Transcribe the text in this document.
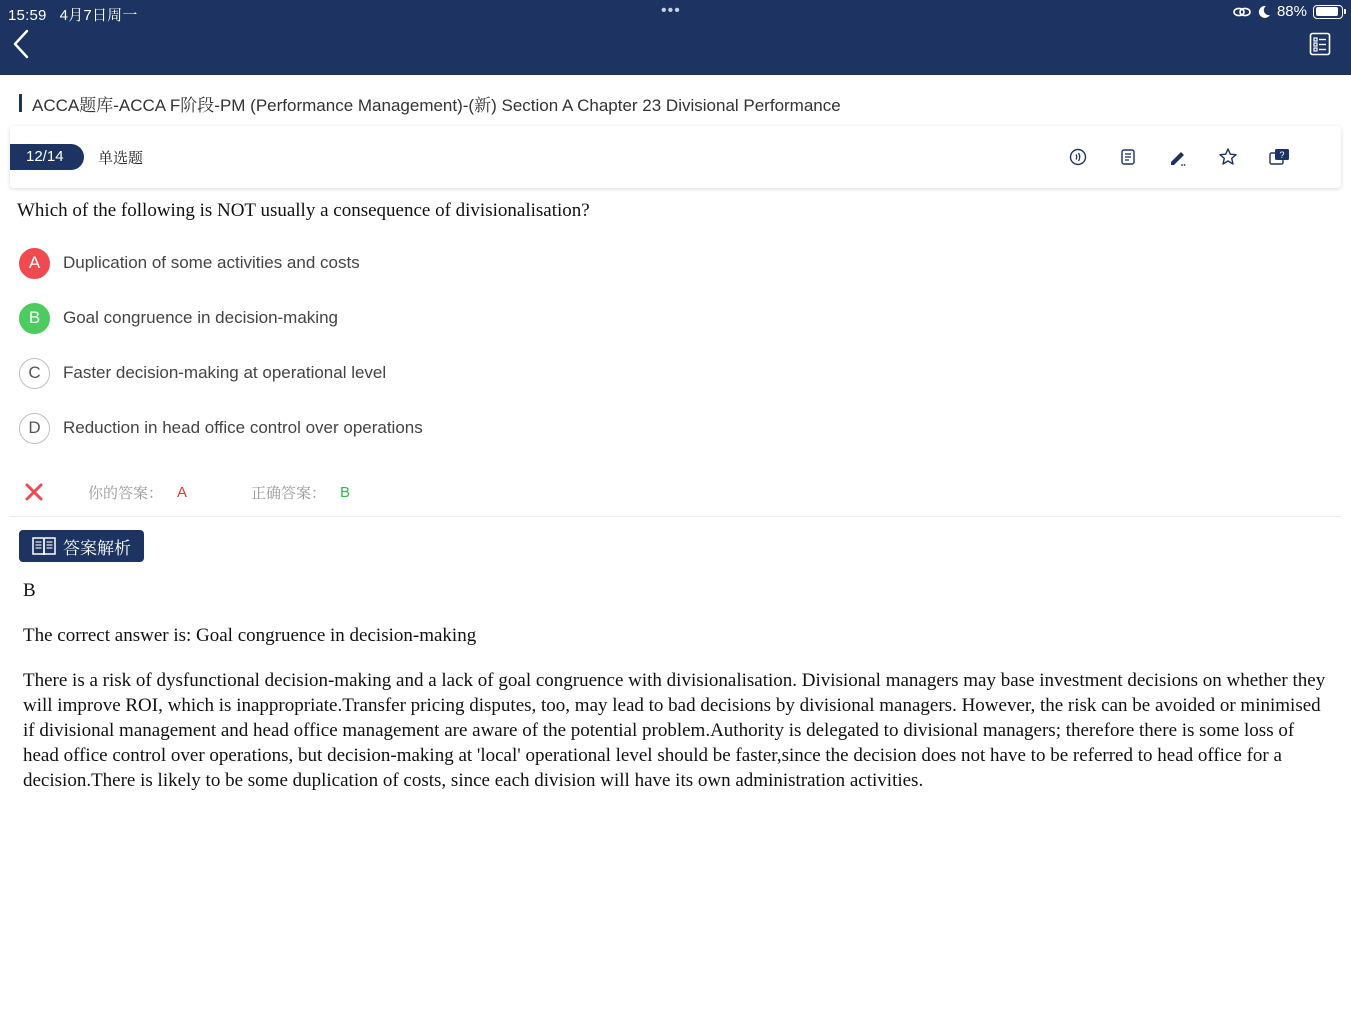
15:59 4月7日周一	•••	88%
ACCA题库-ACCA F阶段-PM (Performance Management)-(新) Section A Chapter 23 Divisional Performance
12/14	单选题	?
Which of the following is NOT usually a consequence of divisionalisation?
A	Duplication of some activities and costs
B	Goal congruence in decision-making
C	Faster decision-making at operational level
D	Reduction in head office control over operations
你的答案： A	正确答案： B
答案解析

B

The correct answer is: Goal congruence in decision-making

There is a risk of dysfunctional decision-making and a lack of goal congruence with divisionalisation. Divisional managers may base investment decisions on whether they will improve ROI, which is inappropriate.Transfer pricing disputes, too, may lead to bad decisions by divisional managers. However, the risk can be avoided or minimised if divisional management and head office management are aware of the potential problem.Authority is delegated to divisional managers; therefore there is some loss of head office control over operations, but decision-making at 'local' operational level should be faster,since the decision does not have to be referred to head office for a decision.There is likely to be some duplication of costs, since each division will have its own administration activities.
